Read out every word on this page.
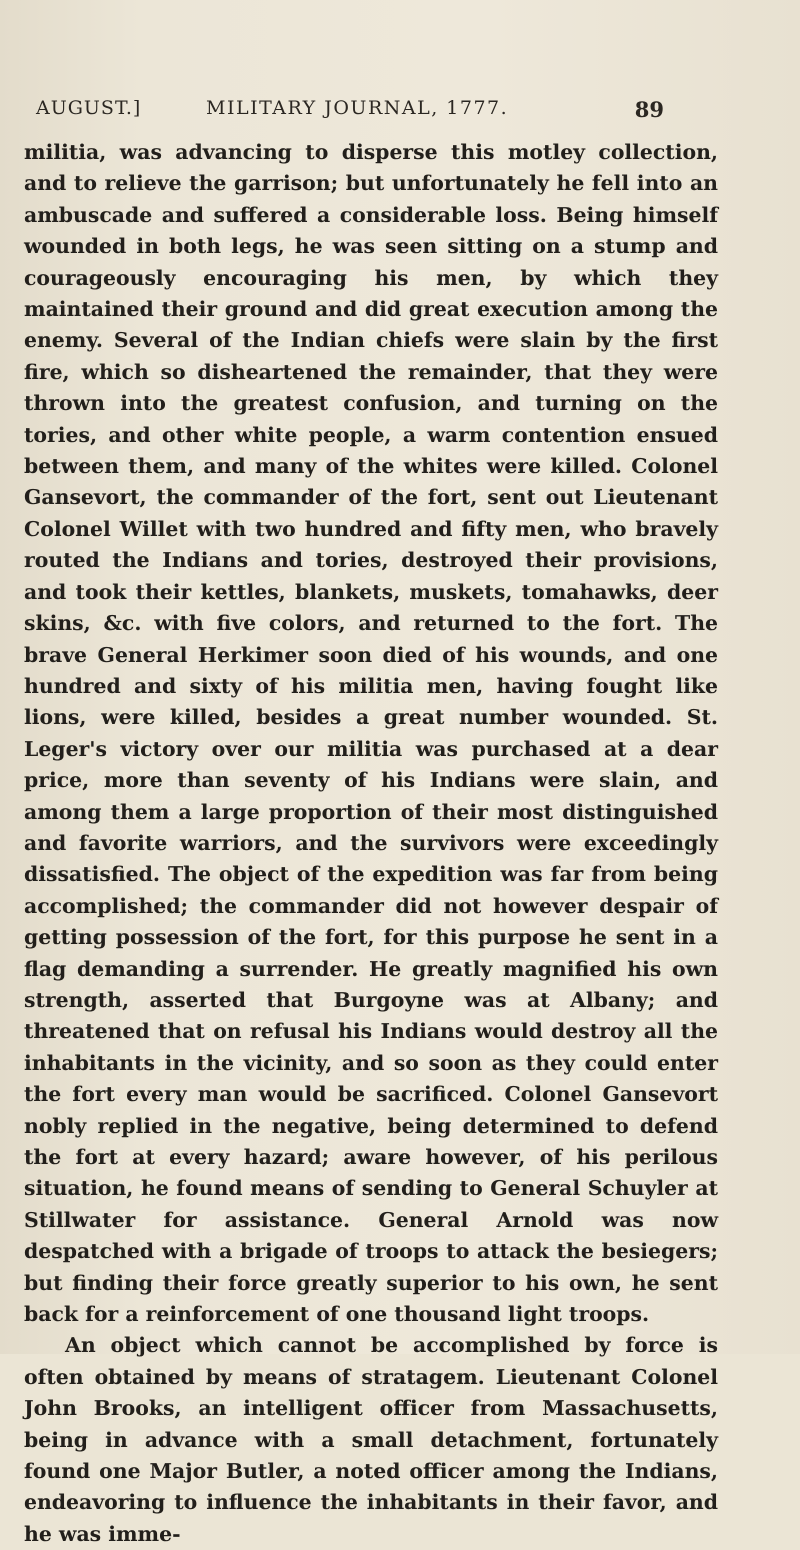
AUGUST.]	MILITARY JOURNAL, 1777.	89

militia, was advancing to disperse this motley collection, and to relieve the garrison; but unfortunately he fell into an ambuscade and suffered a considerable loss. Being himself wounded in both legs, he was seen sitting on a stump and courageously encouraging his men, by which they maintained their ground and did great execution among the enemy. Several of the Indian chiefs were slain by the first fire, which so disheartened the remainder, that they were thrown into the greatest confusion, and turning on the tories, and other white people, a warm contention ensued between them, and many of the whites were killed. Colonel Gansevort, the commander of the fort, sent out Lieutenant Colonel Willet with two hundred and fifty men, who bravely routed the Indians and tories, destroyed their provisions, and took their kettles, blankets, muskets, tomahawks, deer skins, &c. with five colors, and returned to the fort. The brave General Herkimer soon died of his wounds, and one hundred and sixty of his militia men, having fought like lions, were killed, besides a great number wounded. St. Leger's victory over our militia was purchased at a dear price, more than seventy of his Indians were slain, and among them a large proportion of their most distinguished and favorite warriors, and the survivors were exceedingly dissatisfied. The object of the expedition was far from being accomplished; the commander did not however despair of getting possession of the fort, for this purpose he sent in a flag demanding a surrender. He greatly magnified his own strength, asserted that Burgoyne was at Albany; and threatened that on refusal his Indians would destroy all the inhabitants in the vicinity, and so soon as they could enter the fort every man would be sacrificed. Colonel Gansevort nobly replied in the negative, being determined to defend the fort at every hazard; aware however, of his perilous situation, he found means of sending to General Schuyler at Stillwater for assistance. General Arnold was now despatched with a brigade of troops to attack the besiegers; but finding their force greatly superior to his own, he sent back for a reinforcement of one thousand light troops.

An object which cannot be accomplished by force is often obtained by means of stratagem. Lieutenant Colonel John Brooks, an intelligent officer from Massachusetts, being in advance with a small detachment, fortunately found one Major Butler, a noted officer among the Indians, endeavoring to influence the inhabitants in their favor, and he was imme-
